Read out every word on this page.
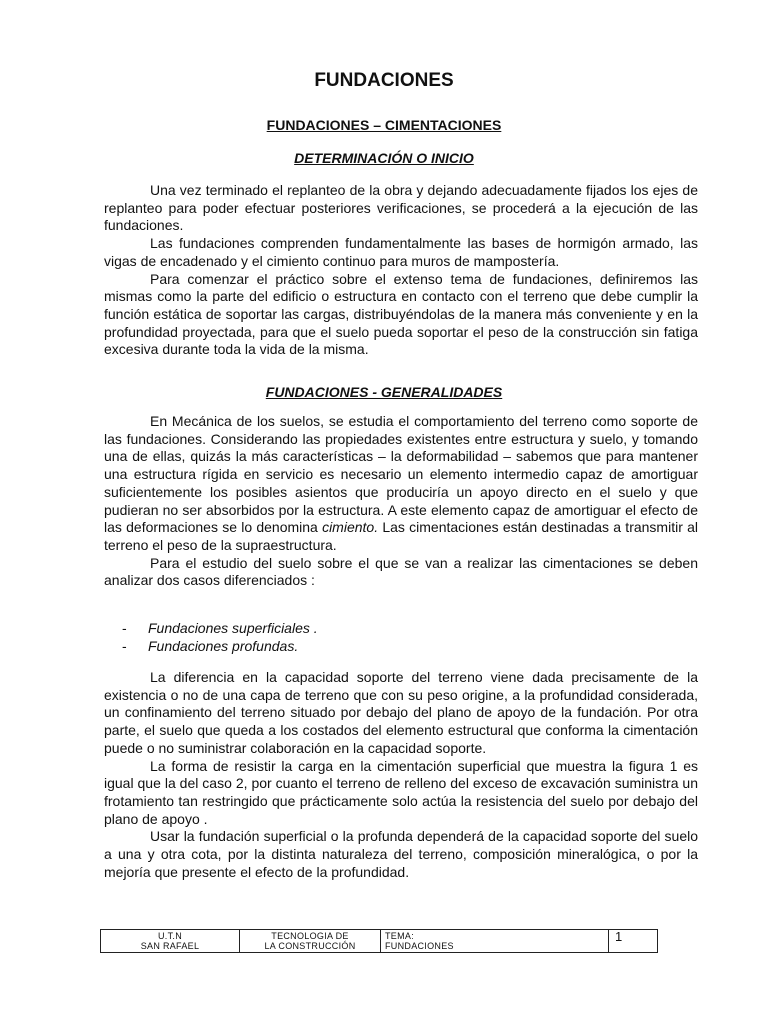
FUNDACIONES
FUNDACIONES – CIMENTACIONES
DETERMINACIÓN O INICIO

Una vez terminado el replanteo de la obra y dejando adecuadamente fijados los ejes de replanteo para poder efectuar posteriores verificaciones, se procederá a la ejecución de las fundaciones.

Las fundaciones comprenden fundamentalmente las bases de hormigón armado, las vigas de encadenado y el cimiento continuo para muros de mampostería.

Para comenzar el práctico sobre el extenso tema de fundaciones, definiremos las mismas como la parte del edificio o estructura en contacto con el terreno que debe cumplir la función estática de soportar las cargas, distribuyéndolas de la manera más conveniente y en la profundidad proyectada, para que el suelo pueda soportar el peso de la construcción sin fatiga excesiva durante toda la vida de la misma.

FUNDACIONES - GENERALIDADES

En Mecánica de los suelos, se estudia el comportamiento del terreno como soporte de las fundaciones. Considerando las propiedades existentes entre estructura y suelo, y tomando una de ellas, quizás la más características – la deformabilidad – sabemos que para mantener una estructura rígida en servicio es necesario un elemento intermedio capaz de amortiguar suficientemente los posibles asientos que produciría un apoyo directo en el suelo y que pudieran no ser absorbidos por la estructura. A este elemento capaz de amortiguar el efecto de las deformaciones se lo denomina cimiento. Las cimentaciones están destinadas a transmitir al terreno el peso de la supraestructura.

Para el estudio del suelo sobre el que se van a realizar las cimentaciones se deben analizar dos casos diferenciados :

- Fundaciones superficiales .
- Fundaciones profundas.

La diferencia en la capacidad soporte del terreno viene dada precisamente de la existencia o no de una capa de terreno que con su peso origine, a la profundidad considerada, un confinamiento del terreno situado por debajo del plano de apoyo de la fundación. Por otra parte, el suelo que queda a los costados del elemento estructural que conforma la cimentación puede o no suministrar colaboración en la capacidad soporte.

La forma de resistir la carga en la cimentación superficial que muestra la figura 1 es igual que la del caso 2, por cuanto el terreno de relleno del exceso de excavación suministra un frotamiento tan restringido que prácticamente solo actúa la resistencia del suelo por debajo del plano de apoyo .

Usar la fundación superficial o la profunda dependerá de la capacidad soporte del suelo a una y otra cota, por la distinta naturaleza del terreno, composición mineralógica, o por la mejoría que presente el efecto de la profundidad.

U.T.N
SAN RAFAEL
TECNOLOGIA DE
LA CONSTRUCCIÓN
TEMA:
FUNDACIONES
1
